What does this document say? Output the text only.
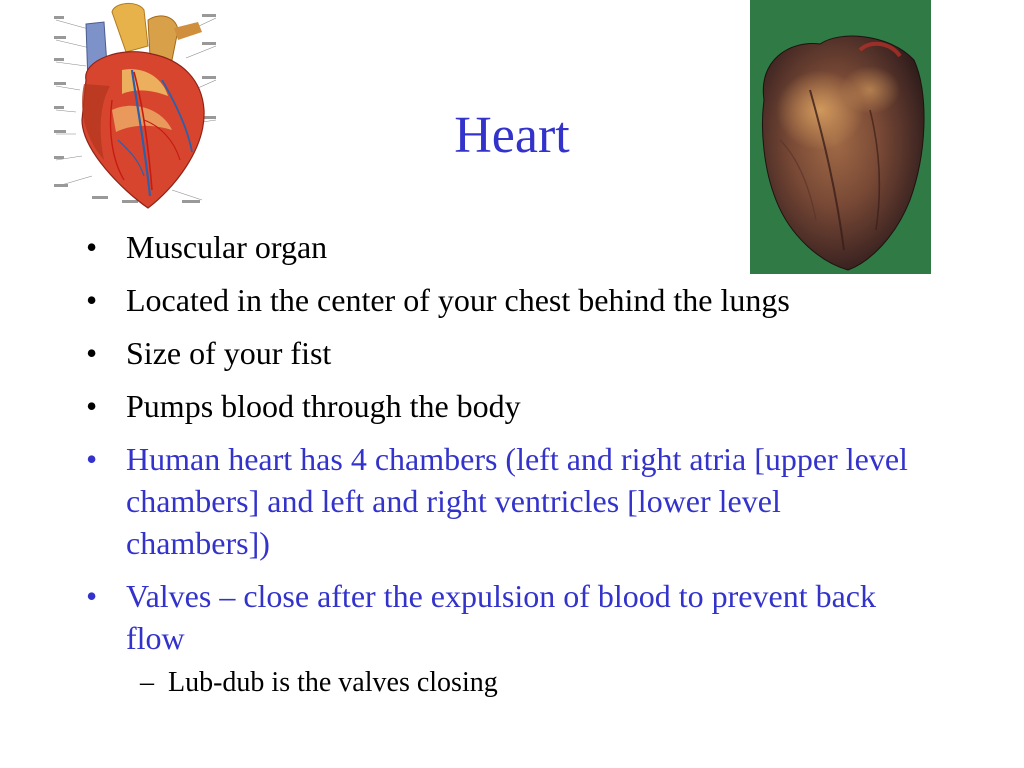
Heart
• Muscular organ
• Located in the center of your chest behind the lungs
• Size of your fist
• Pumps blood through the body
• Human heart has 4 chambers (left and right atria [upper level chambers] and left and right ventricles [lower level chambers])
• Valves – close after the expulsion of blood to prevent back flow
– Lub-dub is the valves closing
